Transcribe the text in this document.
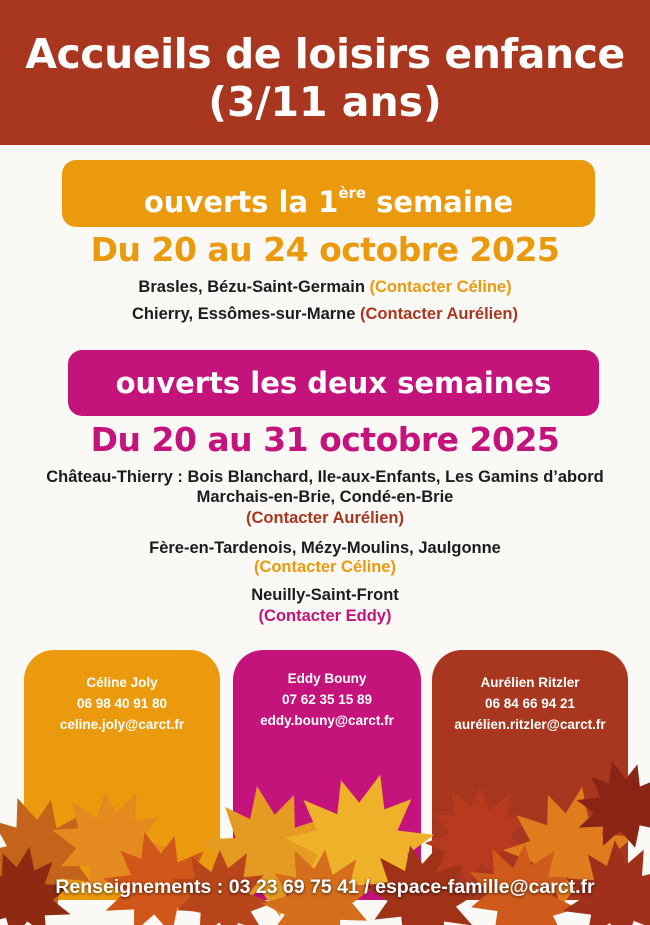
Accueils de loisirs enfance
(3/11 ans)
ouverts la 1ère semaine
Du 20 au 24 octobre 2025
Brasles, Bézu-Saint-Germain (Contacter Céline)
Chierry, Essômes-sur-Marne (Contacter Aurélien)
ouverts les deux semaines
Du 20 au 31 octobre 2025
Château-Thierry : Bois Blanchard, Ile-aux-Enfants, Les Gamins d’abord
Marchais-en-Brie, Condé-en-Brie
(Contacter Aurélien)
Fère-en-Tardenois, Mézy-Moulins, Jaulgonne
(Contacter Céline)
Neuilly-Saint-Front
(Contacter Eddy)
Céline Joly
06 98 40 91 80
celine.joly@carct.fr
Eddy Bouny
07 62 35 15 89
eddy.bouny@carct.fr
Aurélien Ritzler
06 84 66 94 21
aurélien.ritzler@carct.fr
Renseignements : 03 23 69 75 41 / espace-famille@carct.fr
